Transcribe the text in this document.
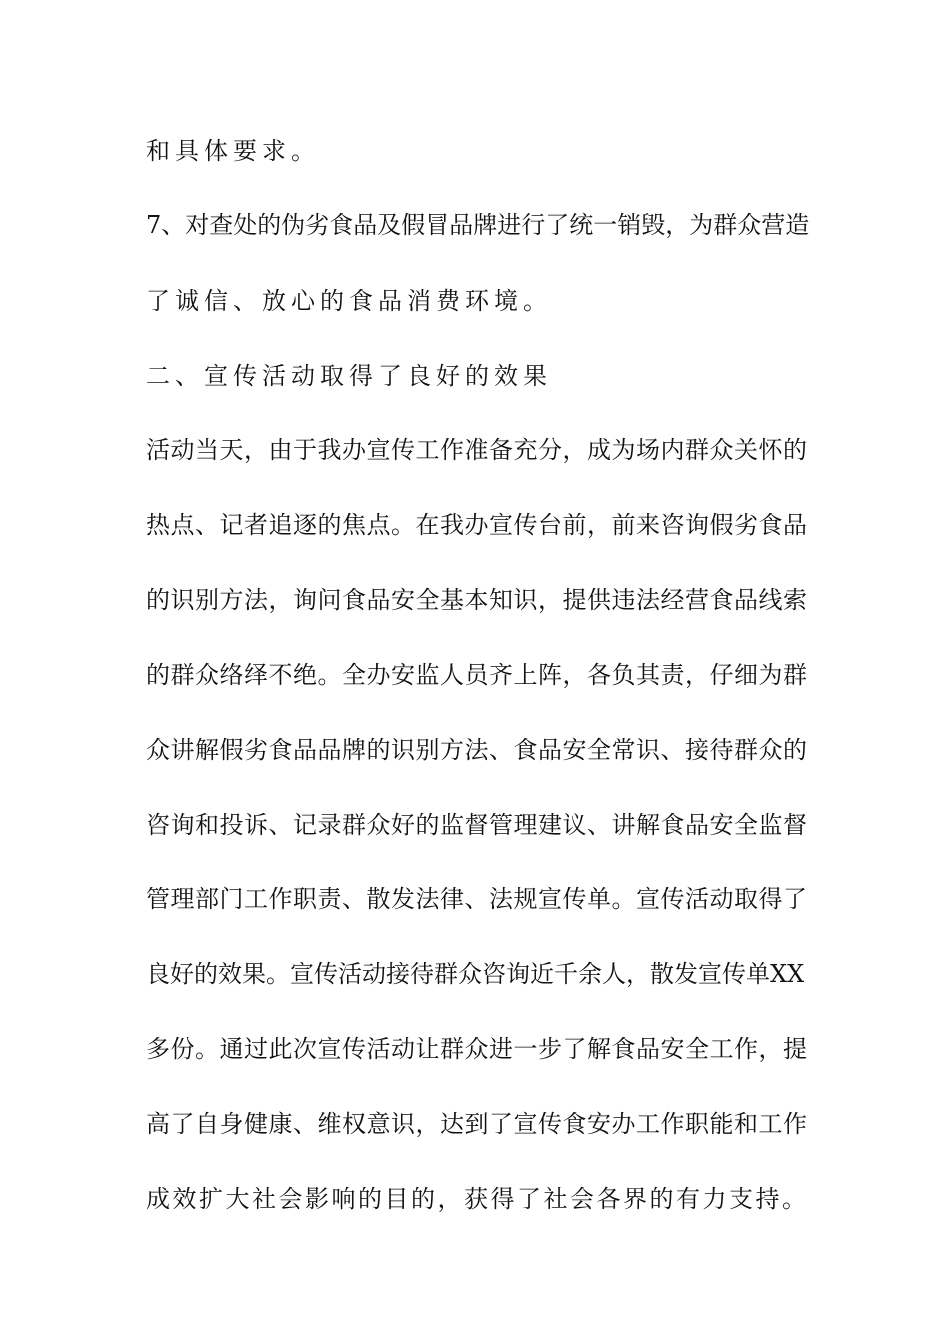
和具体要求。
7、对查处的伪劣食品及假冒品牌进行了统一销毁，为群众营造
了诚信、放心的食品消费环境。
二、宣传活动取得了良好的效果
活动当天，由于我办宣传工作准备充分，成为场内群众关怀的
热点、记者追逐的焦点。在我办宣传台前，前来咨询假劣食品
的识别方法，询问食品安全基本知识，提供违法经营食品线索
的群众络绎不绝。全办安监人员齐上阵，各负其责，仔细为群
众讲解假劣食品品牌的识别方法、食品安全常识、接待群众的
咨询和投诉、记录群众好的监督管理建议、讲解食品安全监督
管理部门工作职责、散发法律、法规宣传单。宣传活动取得了
良好的效果。宣传活动接待群众咨询近千余人，散发宣传单XX
多份。通过此次宣传活动让群众进一步了解食品安全工作，提
高了自身健康、维权意识，达到了宣传食安办工作职能和工作
成效扩大社会影响的目的，获得了社会各界的有力支持。
